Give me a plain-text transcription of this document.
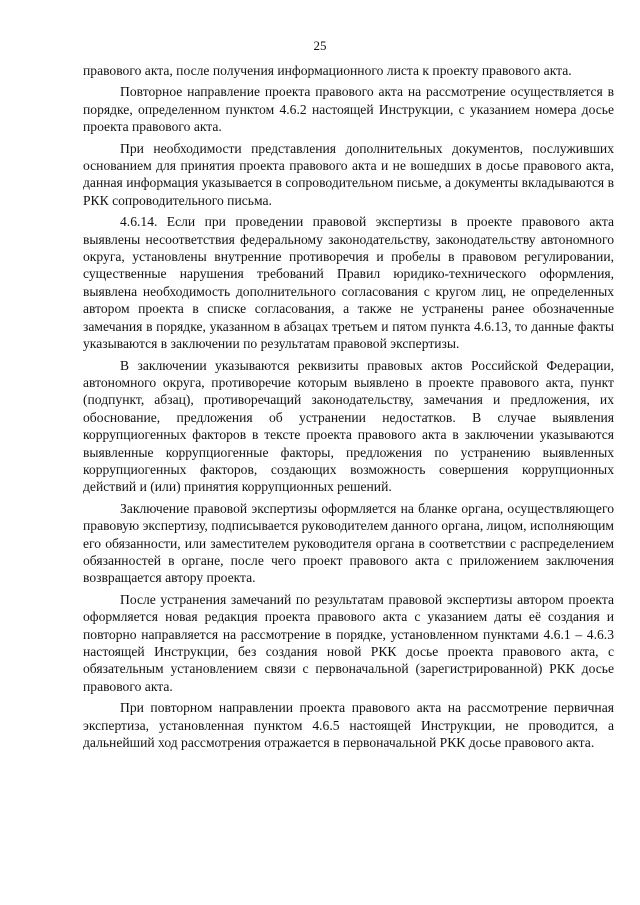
25

правового акта, после получения информационного листа к проекту правового акта.

Повторное направление проекта правового акта на рассмотрение осуществляется в порядке, определенном пунктом 4.6.2 настоящей Инструкции, с указанием номера досье проекта правового акта.

При необходимости представления дополнительных документов, послуживших основанием для принятия проекта правового акта и не вошедших в досье правового акта, данная информация указывается в сопроводительном письме, а документы вкладываются в РКК сопроводительного письма.

4.6.14. Если при проведении правовой экспертизы в проекте правового акта выявлены несоответствия федеральному законодательству, законодательству автономного округа, установлены внутренние противоречия и пробелы в правовом регулировании, существенные нарушения требований Правил юридико-технического оформления, выявлена необходимость дополнительного согласования с кругом лиц, не определенных автором проекта в списке согласования, а также не устранены ранее обозначенные замечания в порядке, указанном в абзацах третьем и пятом пункта 4.6.13, то данные факты указываются в заключении по результатам правовой экспертизы.

В заключении указываются реквизиты правовых актов Российской Федерации, автономного округа, противоречие которым выявлено в проекте правового акта, пункт (подпункт, абзац), противоречащий законодательству, замечания и предложения, их обоснование, предложения об устранении недостатков. В случае выявления коррупциогенных факторов в тексте проекта правового акта в заключении указываются выявленные коррупциогенные факторы, предложения по устранению выявленных коррупциогенных факторов, создающих возможность совершения коррупционных действий и (или) принятия коррупционных решений.

Заключение правовой экспертизы оформляется на бланке органа, осуществляющего правовую экспертизу, подписывается руководителем данного органа, лицом, исполняющим его обязанности, или заместителем руководителя органа в соответствии с распределением обязанностей в органе, после чего проект правового акта с приложением заключения возвращается автору проекта.

После устранения замечаний по результатам правовой экспертизы автором проекта оформляется новая редакция проекта правового акта с указанием даты её создания и повторно направляется на рассмотрение в порядке, установленном пунктами 4.6.1 – 4.6.3 настоящей Инструкции, без создания новой РКК досье проекта правового акта, с обязательным установлением связи с первоначальной (зарегистрированной) РКК досье правового акта.

При повторном направлении проекта правового акта на рассмотрение первичная экспертиза, установленная пунктом 4.6.5 настоящей Инструкции, не проводится, а дальнейший ход рассмотрения отражается в первоначальной РКК досье правового акта.
